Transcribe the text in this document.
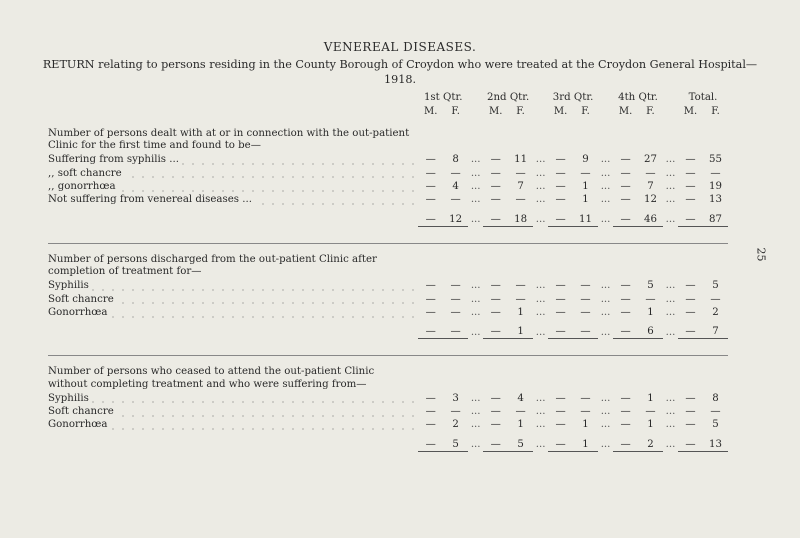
VENEREAL DISEASES.
RETURN relating to persons residing in the County Borough of Croydon who were treated at the Croydon General Hospital—1918.
25
	1st Qtr.			2nd Qtr.			3rd Qtr.			4th Qtr.			Total.	
	M.	F.		M.	F.		M.	F.		M.	F.		M.	F.

Number of persons dealt with at or in connection with the out-patient Clinic for the first time and found to be—														
Suffering from syphilis ...	—	8	...	—	11	...	—	9	...	—	27	...	—	55
,, soft chancre	—	—	...	—	—	...	—	—	...	—	—	...	—	—
,, gonorrhœa	—	4	...	—	7	...	—	1	...	—	7	...	—	19
Not suffering from venereal diseases ...	—	—	...	—	—	...	—	1	...	—	12	...	—	13

	—	12	...	—	18	...	—	11	...	—	46	...	—	87

Number of persons discharged from the out-patient Clinic after completion of treatment for—														
Syphilis	—	—	...	—	—	...	—	—	...	—	5	...	—	5
Soft chancre	—	—	...	—	—	...	—	—	...	—	—	...	—	—
Gonorrhœa	—	—	...	—	1	...	—	—	...	—	1	...	—	2

	—	—	...	—	1	...	—	—	...	—	6	...	—	7

Number of persons who ceased to attend the out-patient Clinic without completing treatment and who were suffering from—														
Syphilis	—	3	...	—	4	...	—	—	...	—	1	...	—	8
Soft chancre	—	—	...	—	—	...	—	—	...	—	—	...	—	—
Gonorrhœa	—	2	...	—	1	...	—	1	...	—	1	...	—	5

	—	5	...	—	5	...	—	1	...	—	2	...	—	13
